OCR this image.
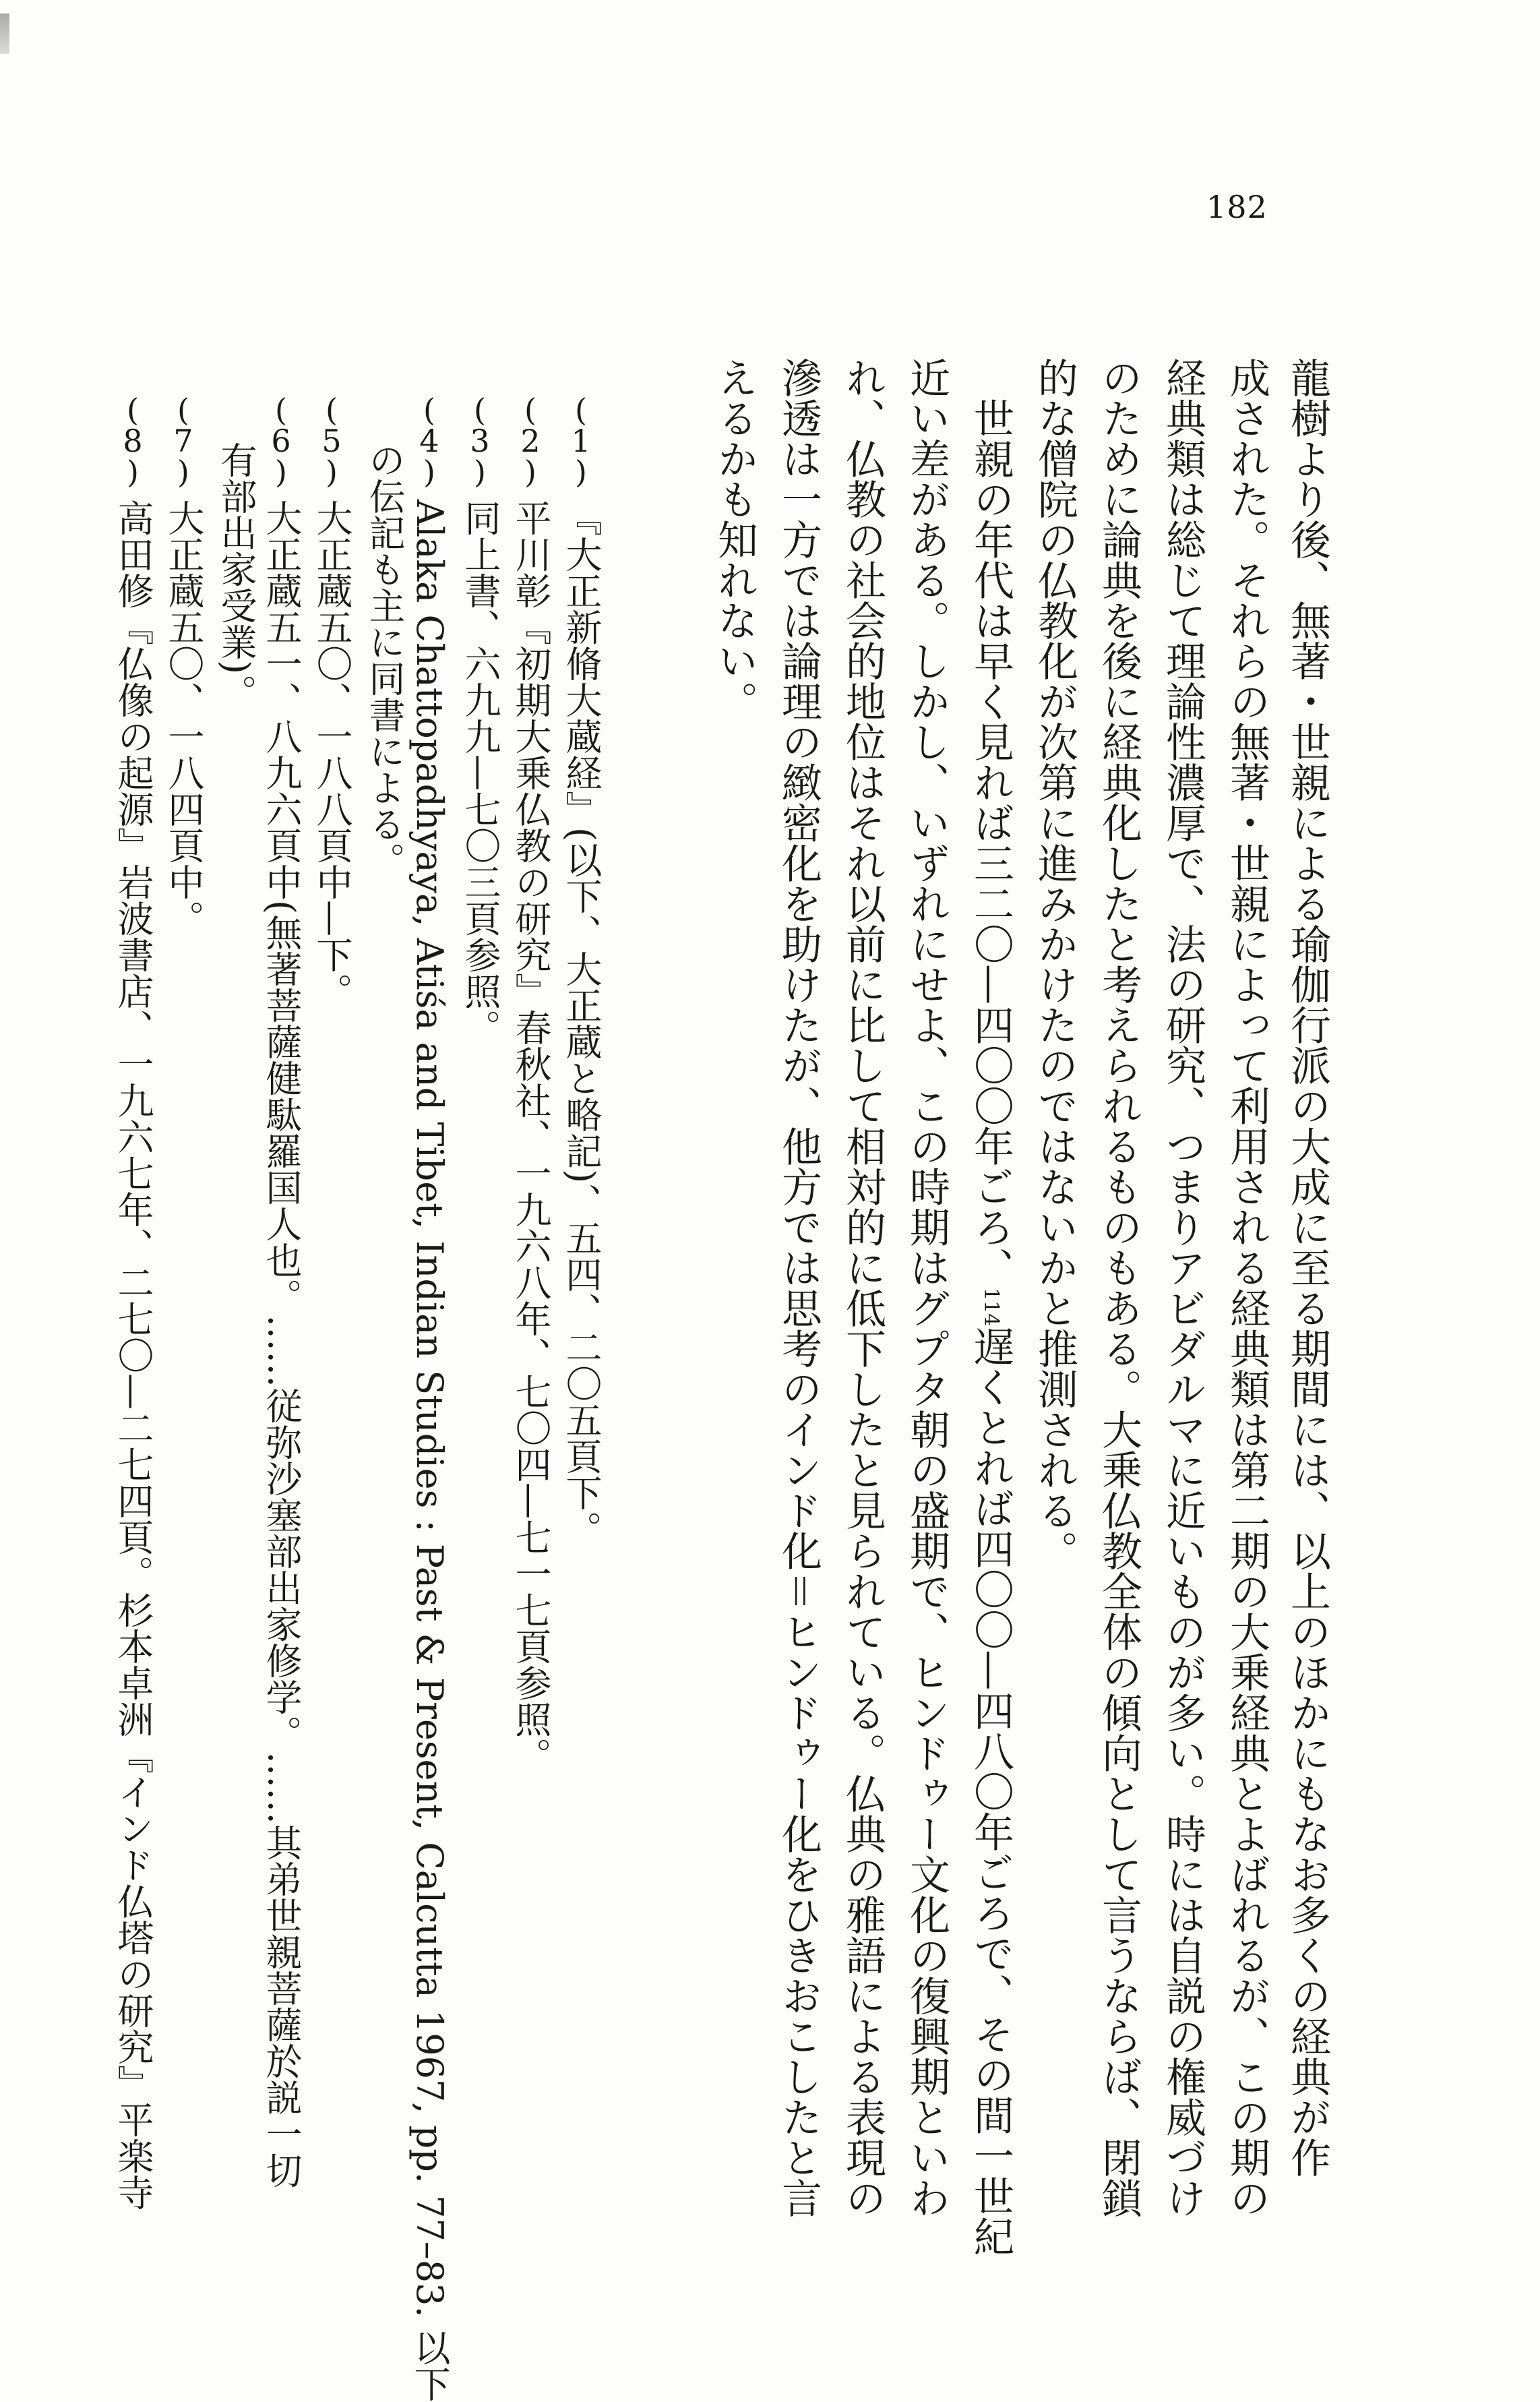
182
龍樹より後、無著・世親による瑜伽行派の大成に至る期間には、以上のほかにもなお多くの経典が作
成された。それらの無著・世親によって利用される経典類は第二期の大乗経典とよばれるが、この期の
経典類は総じて理論性濃厚で、法の研究、つまりアビダルマに近いものが多い。時には自説の権威づけ
のために論典を後に経典化したと考えられるものもある。大乗仏教全体の傾向として言うならば、閉鎖
的な僧院の仏教化が次第に進みかけたのではないかと推測される。
世親の年代は早く見れば三二〇—四〇〇年ごろ、114遅くとれば四〇〇—四八〇年ごろで、その間一世紀
近い差がある。しかし、いずれにせよ、この時期はグプタ朝の盛期で、ヒンドゥー文化の復興期といわ
れ、仏教の社会的地位はそれ以前に比して相対的に低下したと見られている。仏典の雅語による表現の
滲透は一方では論理の緻密化を助けたが、他方では思考のインド化＝ヒンドゥー化をひきおこしたと言
えるかも知れない。
(1)『大正新脩大蔵経』(以下、大正蔵と略記)、五四、二〇五頁下。
(2)平川彰『初期大乗仏教の研究』春秋社、一九六八年、七〇四—七一七頁参照。
(3)同上書、六九九—七〇三頁参照。
(4)Alaka Chattopadhyaya, Atiśa and Tibet, Indian Studies : Past & Present, Calcutta 1967, pp. 77–83. 以下
の伝記も主に同書による。
(5)大正蔵五〇、一八八頁中—下。
(6)大正蔵五一、八九六頁中(無著菩薩健駄羅国人也。……従弥沙塞部出家修学。……其弟世親菩薩於説一切
有部出家受業)。
(7)大正蔵五〇、一八四頁中。
(8)高田修『仏像の起源』岩波書店、一九六七年、二七〇—二七四頁。杉本卓洲『インド仏塔の研究』平楽寺
